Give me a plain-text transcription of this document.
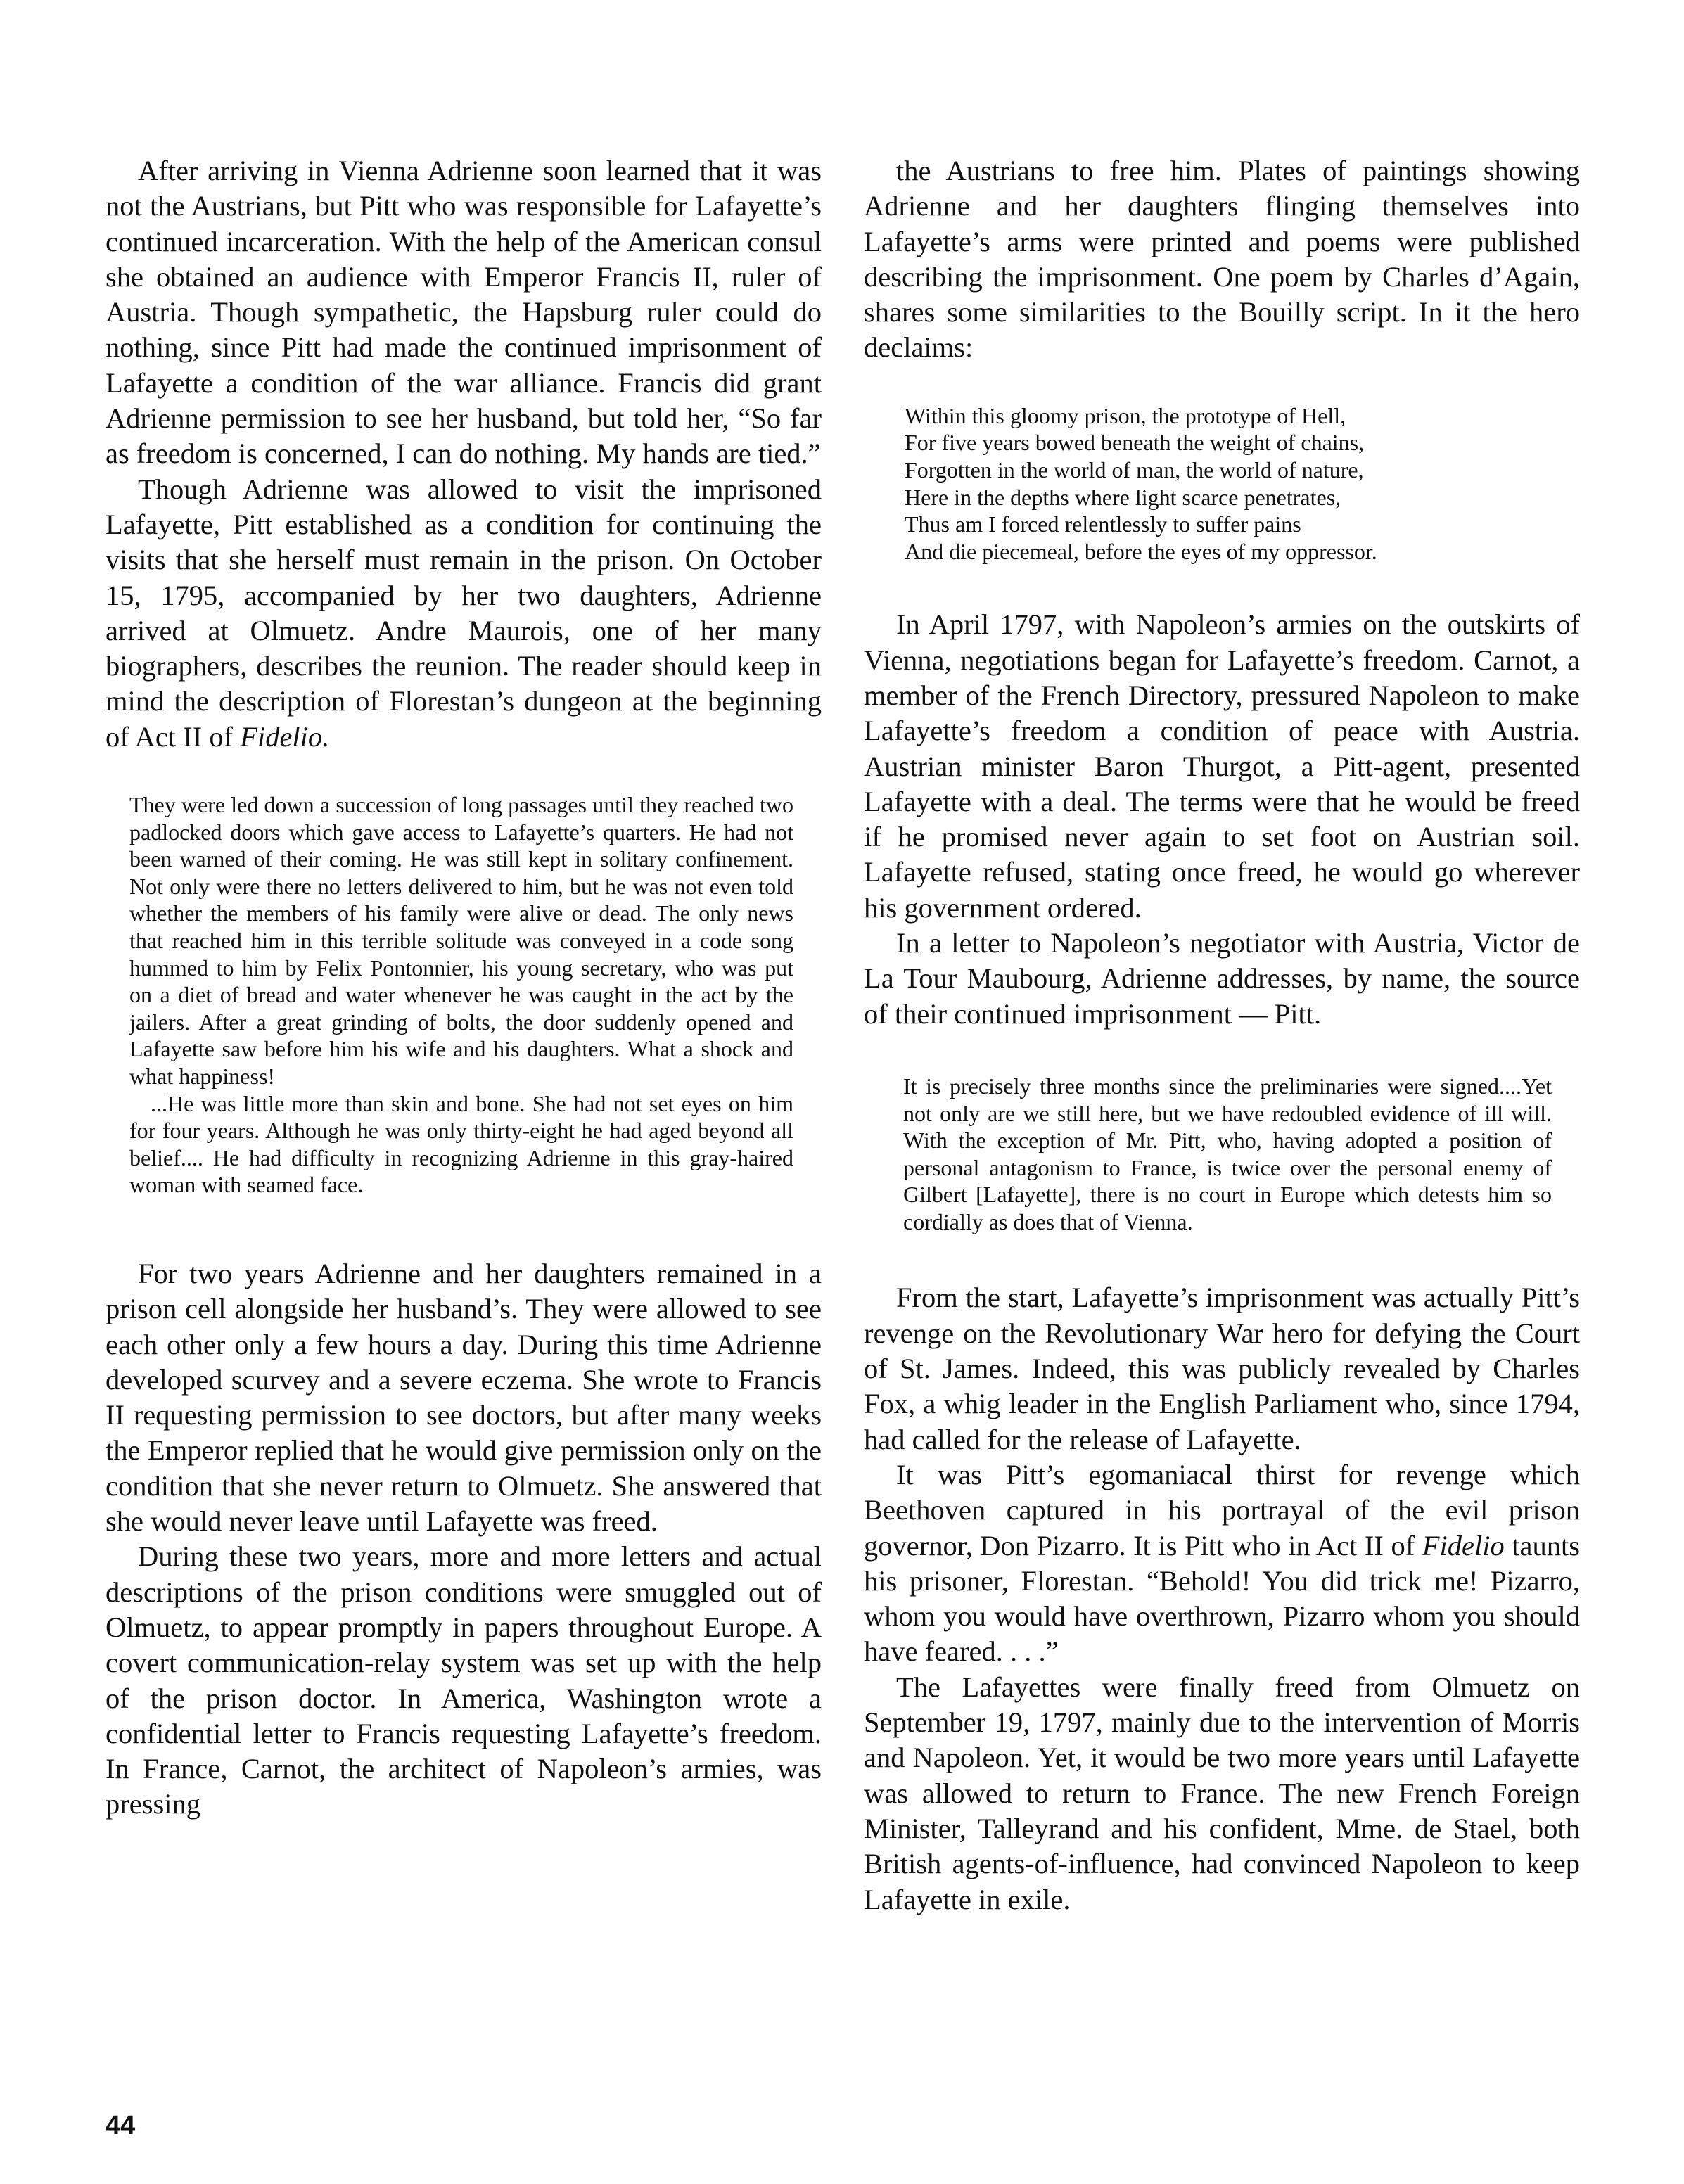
After arriving in Vienna Adrienne soon learned that it was not the Austrians, but Pitt who was responsible for Lafayette’s continued incarceration. With the help of the American consul she obtained an audience with Emperor Francis II, ruler of Austria. Though sympathetic, the Hapsburg ruler could do nothing, since Pitt had made the continued imprisonment of Lafayette a condition of the war alliance. Francis did grant Adrienne permission to see her husband, but told her, “So far as freedom is concerned, I can do nothing. My hands are tied.”

Though Adrienne was allowed to visit the imprisoned Lafayette, Pitt established as a condition for continuing the visits that she herself must remain in the prison. On October 15, 1795, accompanied by her two daughters, Adrienne arrived at Olmuetz. Andre Maurois, one of her many biographers, describes the reunion. The reader should keep in mind the description of Florestan’s dungeon at the beginning of Act II of Fidelio.

They were led down a succession of long passages until they reached two padlocked doors which gave access to Lafayette’s quarters. He had not been warned of their coming. He was still kept in solitary confinement. Not only were there no letters delivered to him, but he was not even told whether the members of his family were alive or dead. The only news that reached him in this terrible solitude was conveyed in a code song hummed to him by Felix Pontonnier, his young secretary, who was put on a diet of bread and water whenever he was caught in the act by the jailers. After a great grinding of bolts, the door suddenly opened and Lafayette saw before him his wife and his daughters. What a shock and what happiness!

...He was little more than skin and bone. She had not set eyes on him for four years. Although he was only thirty-eight he had aged beyond all belief.... He had difficulty in recognizing Adrienne in this gray-haired woman with seamed face.

For two years Adrienne and her daughters remained in a prison cell alongside her husband’s. They were allowed to see each other only a few hours a day. During this time Adrienne developed scurvey and a severe eczema. She wrote to Francis II requesting permission to see doctors, but after many weeks the Emperor replied that he would give permission only on the condition that she never return to Olmuetz. She answered that she would never leave until Lafayette was freed.

During these two years, more and more letters and actual descriptions of the prison conditions were smuggled out of Olmuetz, to appear promptly in papers throughout Europe. A covert communication-relay system was set up with the help of the prison doctor. In America, Washington wrote a confidential letter to Francis requesting Lafayette’s freedom. In France, Carnot, the architect of Napoleon’s armies, was pressing

the Austrians to free him. Plates of paintings showing Adrienne and her daughters flinging themselves into Lafayette’s arms were printed and poems were published describing the imprisonment. One poem by Charles d’Again, shares some similarities to the Bouilly script. In it the hero declaims:

Within this gloomy prison, the prototype of Hell,
For five years bowed beneath the weight of chains,
Forgotten in the world of man, the world of nature,
Here in the depths where light scarce penetrates,
Thus am I forced relentlessly to suffer pains
And die piecemeal, before the eyes of my oppressor.

In April 1797, with Napoleon’s armies on the outskirts of Vienna, negotiations began for Lafayette’s freedom. Carnot, a member of the French Directory, pressured Napoleon to make Lafayette’s freedom a condition of peace with Austria. Austrian minister Baron Thurgot, a Pitt-agent, presented Lafayette with a deal. The terms were that he would be freed if he promised never again to set foot on Austrian soil. Lafayette refused, stating once freed, he would go wherever his government ordered.

In a letter to Napoleon’s negotiator with Austria, Victor de La Tour Maubourg, Adrienne addresses, by name, the source of their continued imprisonment — Pitt.

It is precisely three months since the preliminaries were signed....Yet not only are we still here, but we have redoubled evidence of ill will. With the exception of Mr. Pitt, who, having adopted a position of personal antagonism to France, is twice over the personal enemy of Gilbert [Lafayette], there is no court in Europe which detests him so cordially as does that of Vienna.

From the start, Lafayette’s imprisonment was actually Pitt’s revenge on the Revolutionary War hero for defying the Court of St. James. Indeed, this was publicly revealed by Charles Fox, a whig leader in the English Parliament who, since 1794, had called for the release of Lafayette.

It was Pitt’s egomaniacal thirst for revenge which Beethoven captured in his portrayal of the evil prison governor, Don Pizarro. It is Pitt who in Act II of Fidelio taunts his prisoner, Florestan. “Behold! You did trick me! Pizarro, whom you would have overthrown, Pizarro whom you should have feared. . . .”

The Lafayettes were finally freed from Olmuetz on September 19, 1797, mainly due to the intervention of Morris and Napoleon. Yet, it would be two more years until Lafayette was allowed to return to France. The new French Foreign Minister, Talleyrand and his confident, Mme. de Stael, both British agents-of-influence, had convinced Napoleon to keep Lafayette in exile.

44
